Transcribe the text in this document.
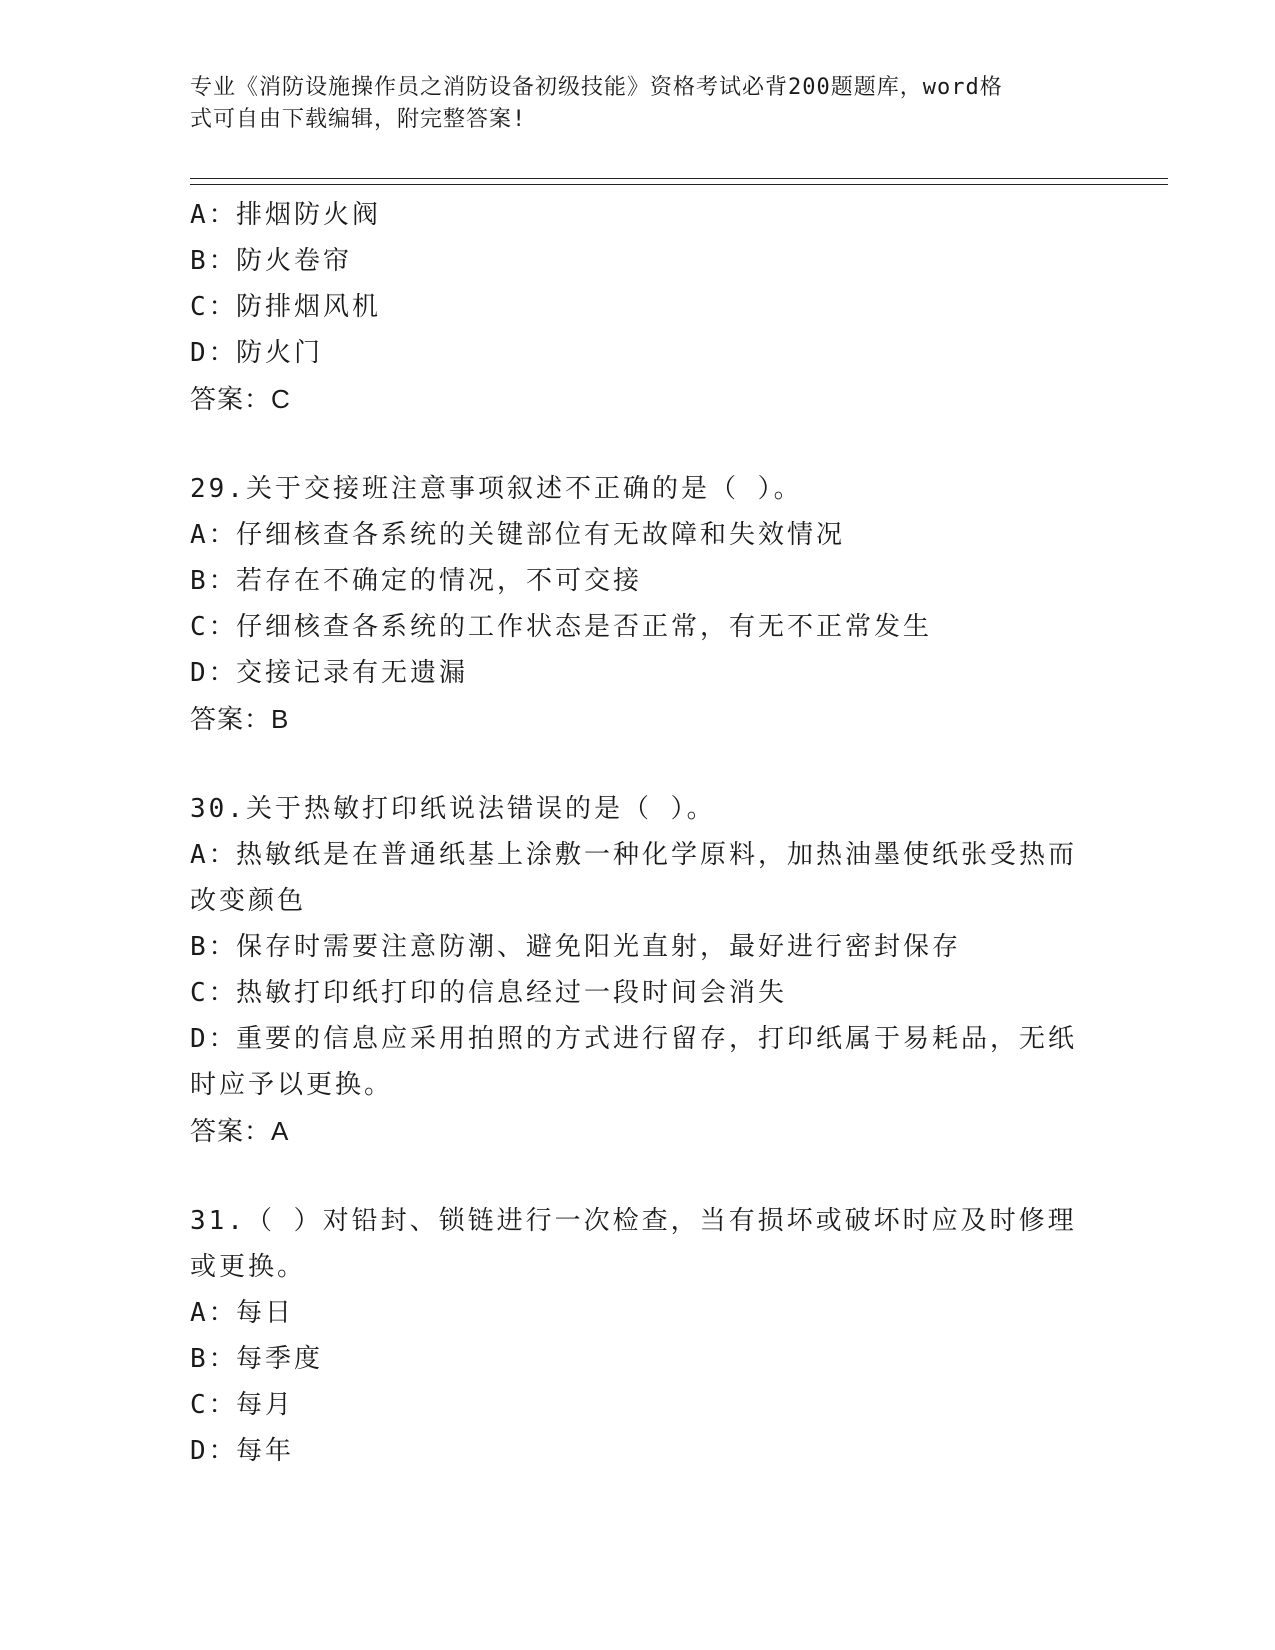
专业《消防设施操作员之消防设备初级技能》资格考试必背200题题库，word格
式可自由下载编辑，附完整答案!

A：排烟防火阀

B：防火卷帘

C：防排烟风机

D：防火门

答案：C

29.关于交接班注意事项叙述不正确的是（ ）。

A：仔细核查各系统的关键部位有无故障和失效情况

B：若存在不确定的情况，不可交接

C：仔细核查各系统的工作状态是否正常，有无不正常发生

D：交接记录有无遗漏

答案：B

30.关于热敏打印纸说法错误的是（ ）。

A：热敏纸是在普通纸基上涂敷一种化学原料，加热油墨使纸张受热而

改变颜色

B：保存时需要注意防潮、避免阳光直射，最好进行密封保存

C：热敏打印纸打印的信息经过一段时间会消失

D：重要的信息应采用拍照的方式进行留存，打印纸属于易耗品，无纸

时应予以更换。

答案：A

31.（ ）对铅封、锁链进行一次检查，当有损坏或破坏时应及时修理

或更换。

A：每日

B：每季度

C：每月

D：每年
